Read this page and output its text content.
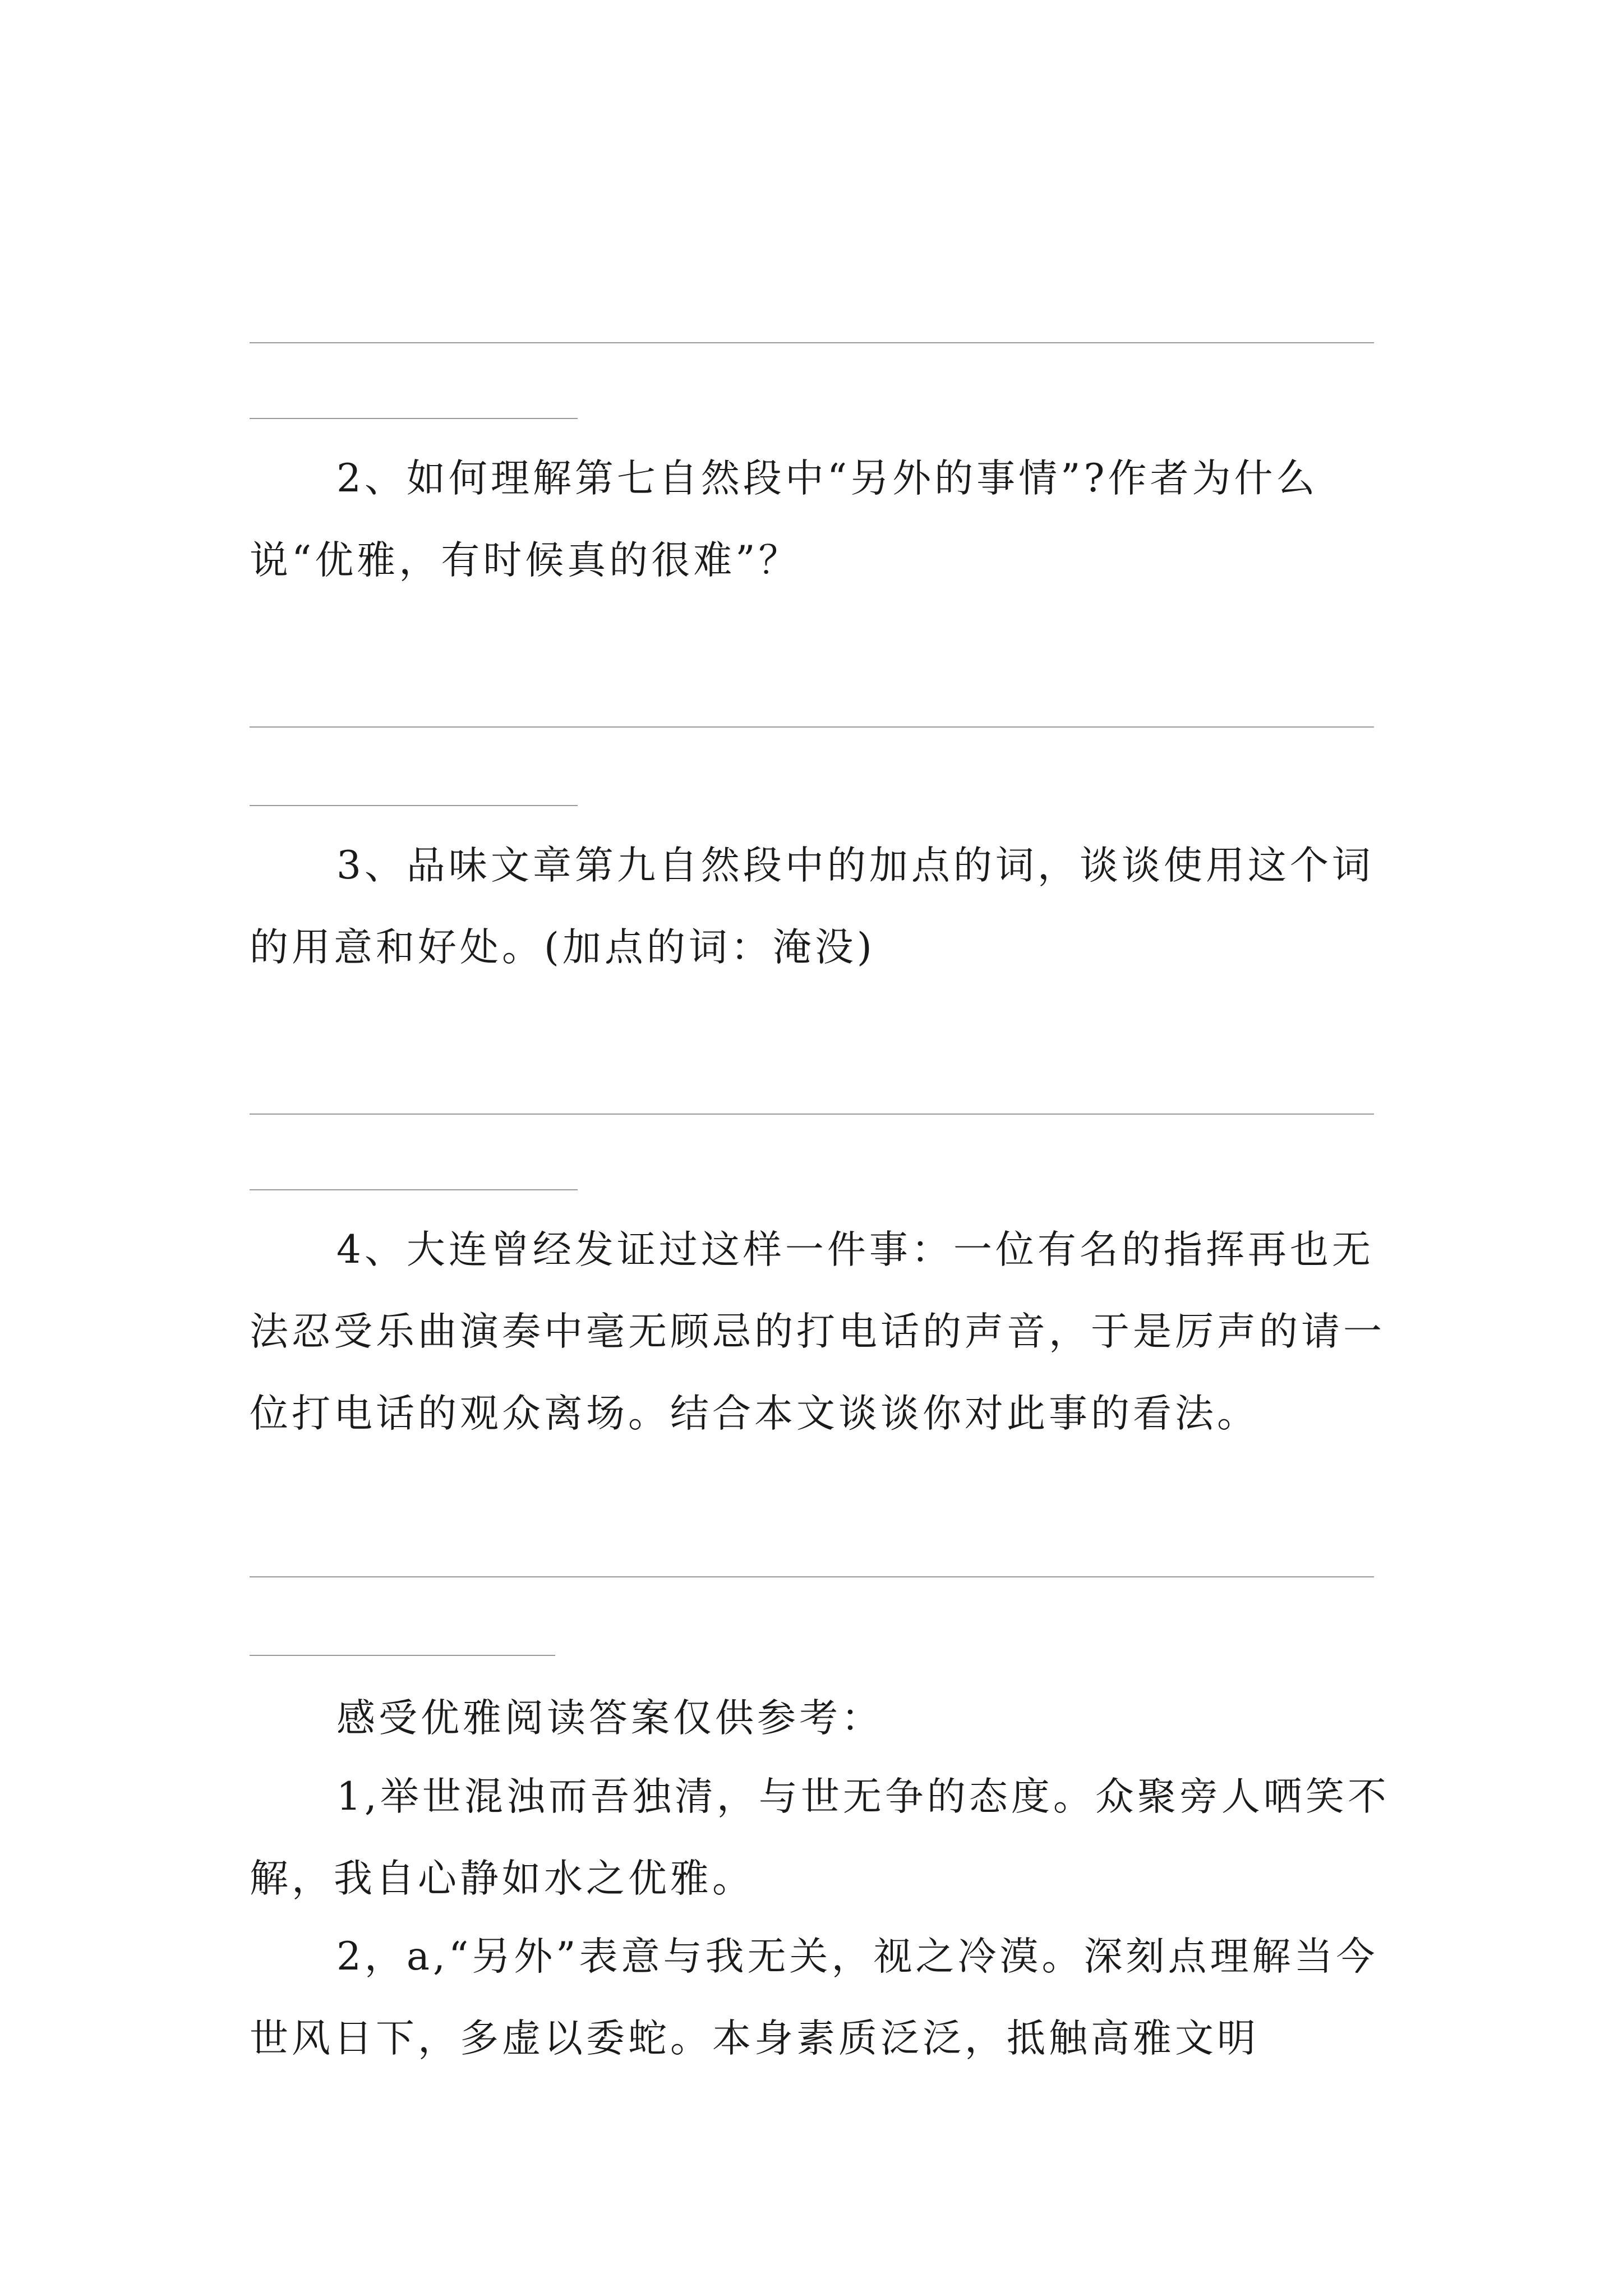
2、如何理解第七自然段中“另外的事情”?作者为什么说“优雅，有时候真的很难”？

3、品味文章第九自然段中的加点的词，谈谈使用这个词的用意和好处。(加点的词：淹没)

4、大连曾经发证过这样一件事：一位有名的指挥再也无法忍受乐曲演奏中毫无顾忌的打电话的声音，于是厉声的请一位打电话的观众离场。结合本文谈谈你对此事的看法。

感受优雅阅读答案仅供参考：

1,举世混浊而吾独清，与世无争的态度。众聚旁人哂笑不解，我自心静如水之优雅。

2，a,“另外”表意与我无关，视之冷漠。深刻点理解当今世风日下，多虚以委蛇。本身素质泛泛，抵触高雅文明
